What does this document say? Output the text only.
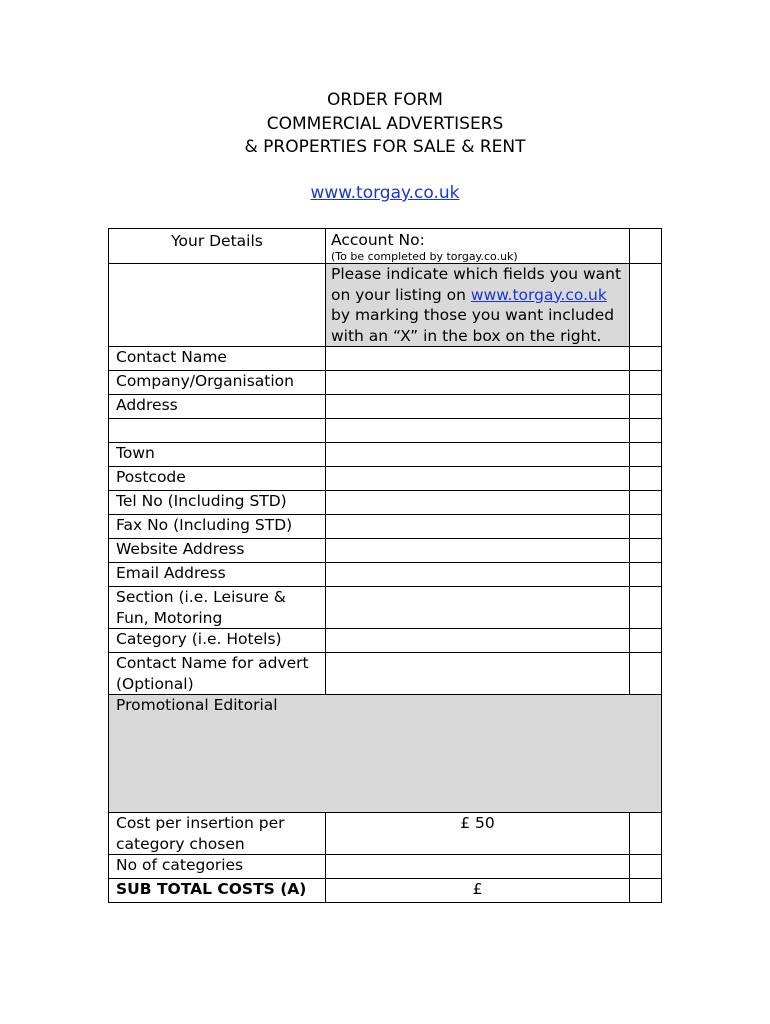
ORDER FORM
COMMERCIAL ADVERTISERS
& PROPERTIES FOR SALE & RENT
www.torgay.co.uk
Your Details	Account No:
(To be completed by torgay.co.uk)	

	Please indicate which fields you want on your listing on www.torgay.co.uk by marking those you want included with an “X” in the box on the right.	
Contact Name		
Company/Organisation		
Address		

Town		
Postcode		
Tel No (Including STD)		
Fax No (Including STD)		
Website Address		
Email Address		
Section (i.e. Leisure & Fun, Motoring		
Category (i.e. Hotels)		
Contact Name for advert (Optional)		
Promotional Editorial		
Cost per insertion per category chosen	£ 50	
No of categories		
SUB TOTAL COSTS (A)	£	
